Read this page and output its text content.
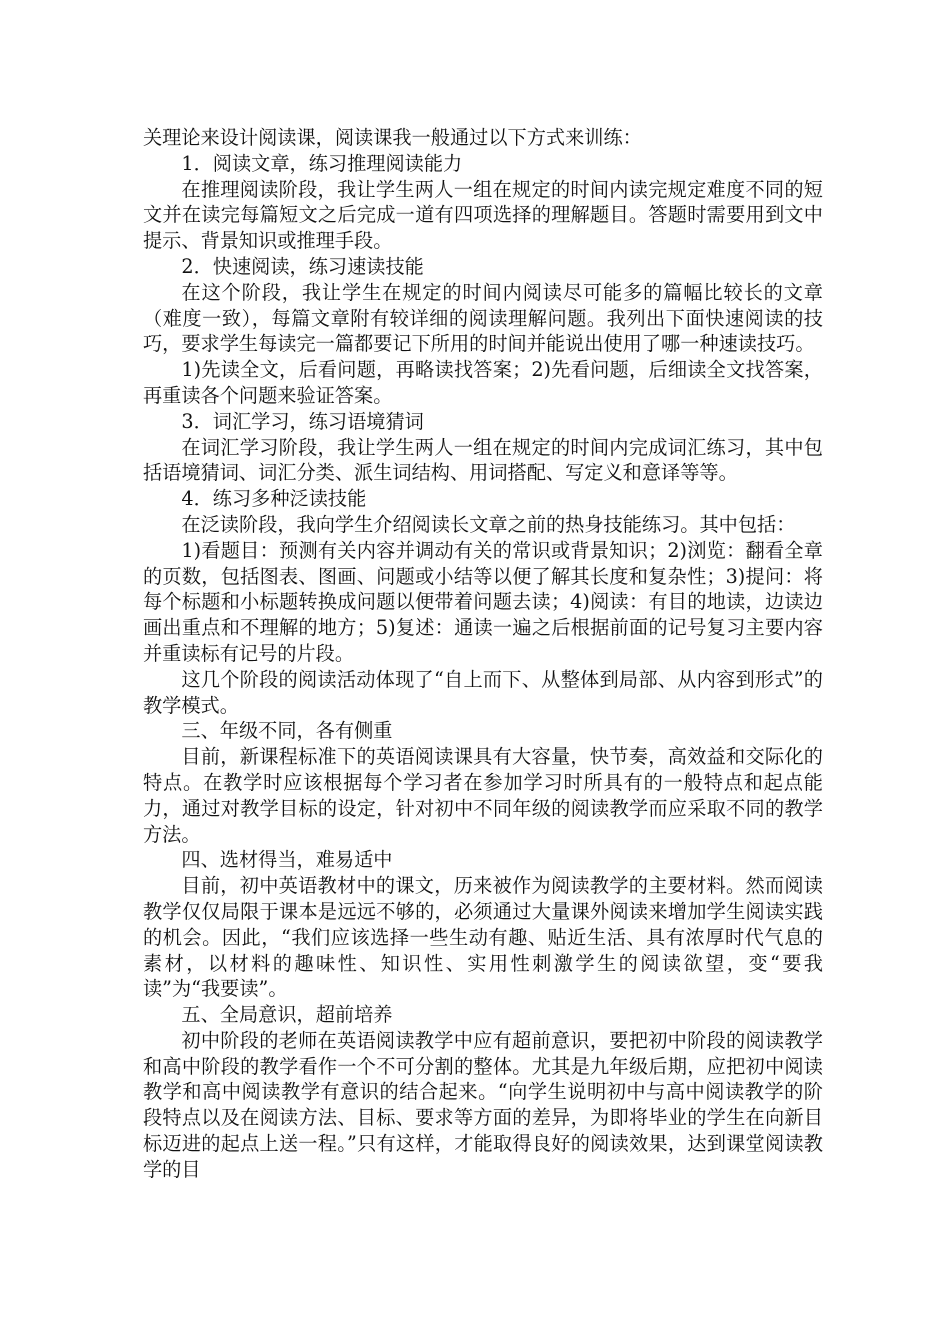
关理论来设计阅读课，阅读课我一般通过以下方式来训练：

1．阅读文章，练习推理阅读能力

在推理阅读阶段，我让学生两人一组在规定的时间内读完规定难度不同的短文并在读完每篇短文之后完成一道有四项选择的理解题目。答题时需要用到文中提示、背景知识或推理手段。

2．快速阅读，练习速读技能

在这个阶段，我让学生在规定的时间内阅读尽可能多的篇幅比较长的文章（难度一致），每篇文章附有较详细的阅读理解问题。我列出下面快速阅读的技巧，要求学生每读完一篇都要记下所用的时间并能说出使用了哪一种速读技巧。

1)先读全文，后看问题，再略读找答案；2)先看问题，后细读全文找答案，再重读各个问题来验证答案。

3．词汇学习，练习语境猜词

在词汇学习阶段，我让学生两人一组在规定的时间内完成词汇练习，其中包括语境猜词、词汇分类、派生词结构、用词搭配、写定义和意译等等。

4．练习多种泛读技能

在泛读阶段，我向学生介绍阅读长文章之前的热身技能练习。其中包括：

1)看题目：预测有关内容并调动有关的常识或背景知识；2)浏览：翻看全章的页数，包括图表、图画、问题或小结等以便了解其长度和复杂性；3)提问：将每个标题和小标题转换成问题以便带着问题去读；4)阅读：有目的地读，边读边画出重点和不理解的地方；5)复述：通读一遍之后根据前面的记号复习主要内容并重读标有记号的片段。

这几个阶段的阅读活动体现了“自上而下、从整体到局部、从内容到形式”的教学模式。

三、年级不同，各有侧重

目前，新课程标准下的英语阅读课具有大容量，快节奏，高效益和交际化的特点。在教学时应该根据每个学习者在参加学习时所具有的一般特点和起点能力，通过对教学目标的设定，针对初中不同年级的阅读教学而应采取不同的教学方法。

四、选材得当，难易适中

目前，初中英语教材中的课文，历来被作为阅读教学的主要材料。然而阅读教学仅仅局限于课本是远远不够的，必须通过大量课外阅读来增加学生阅读实践的机会。因此，“我们应该选择一些生动有趣、贴近生活、具有浓厚时代气息的素材，以材料的趣味性、知识性、实用性刺激学生的阅读欲望，变“要我读”为“我要读”。

五、全局意识，超前培养

初中阶段的老师在英语阅读教学中应有超前意识，要把初中阶段的阅读教学和高中阶段的教学看作一个不可分割的整体。尤其是九年级后期，应把初中阅读教学和高中阅读教学有意识的结合起来。“向学生说明初中与高中阅读教学的阶段特点以及在阅读方法、目标、要求等方面的差异，为即将毕业的学生在向新目标迈进的起点上送一程。”只有这样，才能取得良好的阅读效果，达到课堂阅读教学的目
